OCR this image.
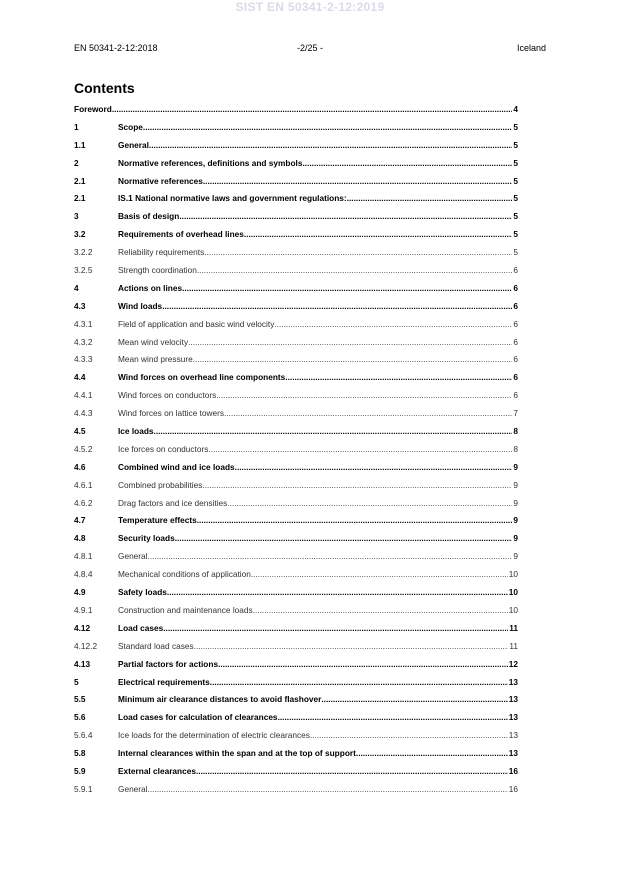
SIST EN 50341-2-12:2019
EN 50341-2-12:2018	-2/25 -	Iceland
Contents
Foreword .....	4
1	Scope .....	5
1.1	General .....	5
2	Normative references, definitions and symbols .....	5
2.1	Normative references .....	5
2.1	IS.1 National normative laws and government regulations: .....	5
3	Basis of design .....	5
3.2	Requirements of overhead lines .....	5
3.2.2	Reliability requirements .....	5
3.2.5	Strength coordination .....	6
4	Actions on lines .....	6
4.3	Wind loads .....	6
4.3.1	Field of application and basic wind velocity .....	6
4.3.2	Mean wind velocity .....	6
4.3.3	Mean wind pressure .....	6
4.4	Wind forces on overhead line components .....	6
4.4.1	Wind forces on conductors .....	6
4.4.3	Wind forces on lattice towers .....	7
4.5	Ice loads .....	8
4.5.2	Ice forces on conductors .....	8
4.6	Combined wind and ice loads .....	9
4.6.1	Combined probabilities .....	9
4.6.2	Drag factors and ice densities .....	9
4.7	Temperature effects .....	9
4.8	Security loads .....	9
4.8.1	General .....	9
4.8.4	Mechanical conditions of application .....	10
4.9	Safety loads .....	10
4.9.1	Construction and maintenance loads .....	10
4.12	Load cases .....	11
4.12.2	Standard load cases .....	11
4.13	Partial factors for actions .....	12
5	Electrical requirements .....	13
5.5	Minimum air clearance distances to avoid flashover .....	13
5.6	Load cases for calculation of clearances .....	13
5.6.4	Ice loads for the determination of electric clearances .....	13
5.8	Internal clearances within the span and at the top of support .....	13
5.9	External clearances .....	16
5.9.1	General .....	16
